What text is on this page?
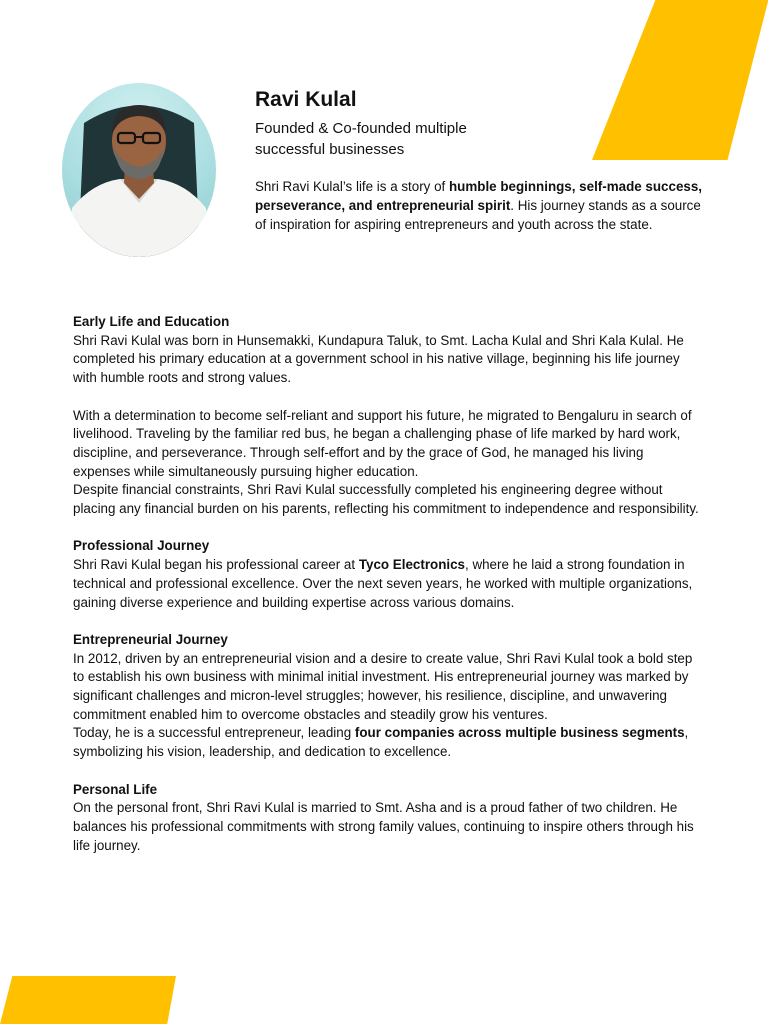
Ravi Kulal

Founded & Co-founded multiple successful businesses

Shri Ravi Kulal’s life is a story of humble beginnings, self-made success, perseverance, and entrepreneurial spirit. His journey stands as a source of inspiration for aspiring entrepreneurs and youth across the state.

Early Life and Education

Shri Ravi Kulal was born in Hunsemakki, Kundapura Taluk, to Smt. Lacha Kulal and Shri Kala Kulal. He completed his primary education at a government school in his native village, beginning his life journey with humble roots and strong values.

With a determination to become self-reliant and support his future, he migrated to Bengaluru in search of livelihood. Traveling by the familiar red bus, he began a challenging phase of life marked by hard work, discipline, and perseverance. Through self-effort and by the grace of God, he managed his living expenses while simultaneously pursuing higher education.

Despite financial constraints, Shri Ravi Kulal successfully completed his engineering degree without placing any financial burden on his parents, reflecting his commitment to independence and responsibility.

Professional Journey

Shri Ravi Kulal began his professional career at Tyco Electronics, where he laid a strong foundation in technical and professional excellence. Over the next seven years, he worked with multiple organizations, gaining diverse experience and building expertise across various domains.

Entrepreneurial Journey

In 2012, driven by an entrepreneurial vision and a desire to create value, Shri Ravi Kulal took a bold step to establish his own business with minimal initial investment. His entrepreneurial journey was marked by significant challenges and micron-level struggles; however, his resilience, discipline, and unwavering commitment enabled him to overcome obstacles and steadily grow his ventures.

Today, he is a successful entrepreneur, leading four companies across multiple business segments, symbolizing his vision, leadership, and dedication to excellence.

Personal Life

On the personal front, Shri Ravi Kulal is married to Smt. Asha and is a proud father of two children. He balances his professional commitments with strong family values, continuing to inspire others through his life journey.
